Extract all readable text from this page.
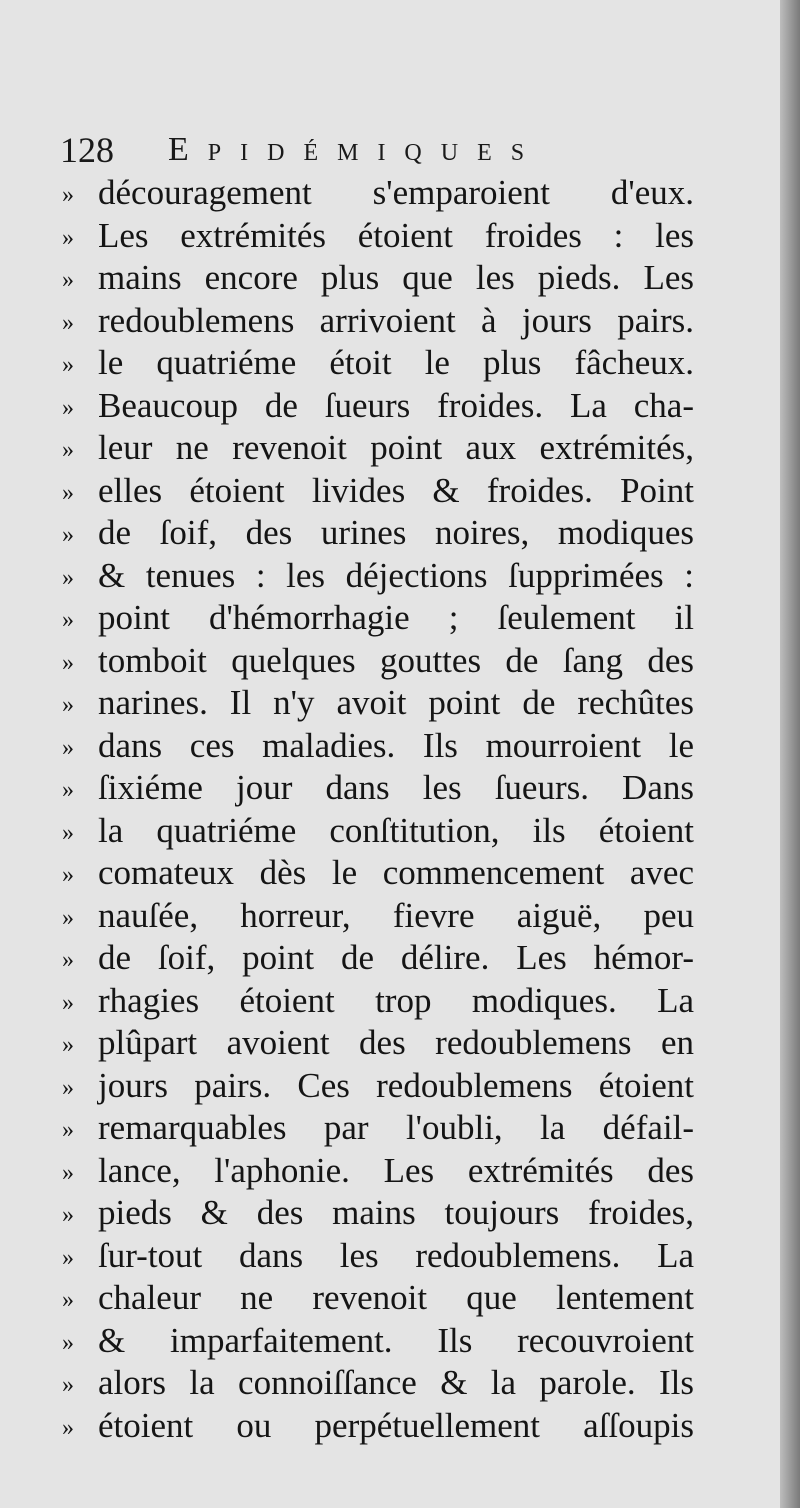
128 Epidémiques
» découragement s'emparoient d'eux.
» Les extrémités étoient froides : les
» mains encore plus que les pieds. Les
» redoublemens arrivoient à jours pairs.
» le quatriéme étoit le plus fâcheux.
» Beaucoup de ſueurs froides. La cha-
» leur ne revenoit point aux extrémités,
» elles étoient livides & froides. Point
» de ſoif, des urines noires, modiques
» & tenues : les déjections ſupprimées :
» point d'hémorrhagie ; ſeulement il
» tomboit quelques gouttes de ſang des
» narines. Il n'y avoit point de rechûtes
» dans ces maladies. Ils mourroient le
» ſixiéme jour dans les ſueurs. Dans
» la quatriéme conſtitution, ils étoient
» comateux dès le commencement avec
» nauſée, horreur, fievre aiguë, peu
» de ſoif, point de délire. Les hémor-
» rhagies étoient trop modiques. La
» plûpart avoient des redoublemens en
» jours pairs. Ces redoublemens étoient
» remarquables par l'oubli, la défail-
» lance, l'aphonie. Les extrémités des
» pieds & des mains toujours froides,
» ſur-tout dans les redoublemens. La
» chaleur ne revenoit que lentement
» & imparfaitement. Ils recouvroient
» alors la connoiſſance & la parole. Ils
» étoient ou perpétuellement aſſoupis
